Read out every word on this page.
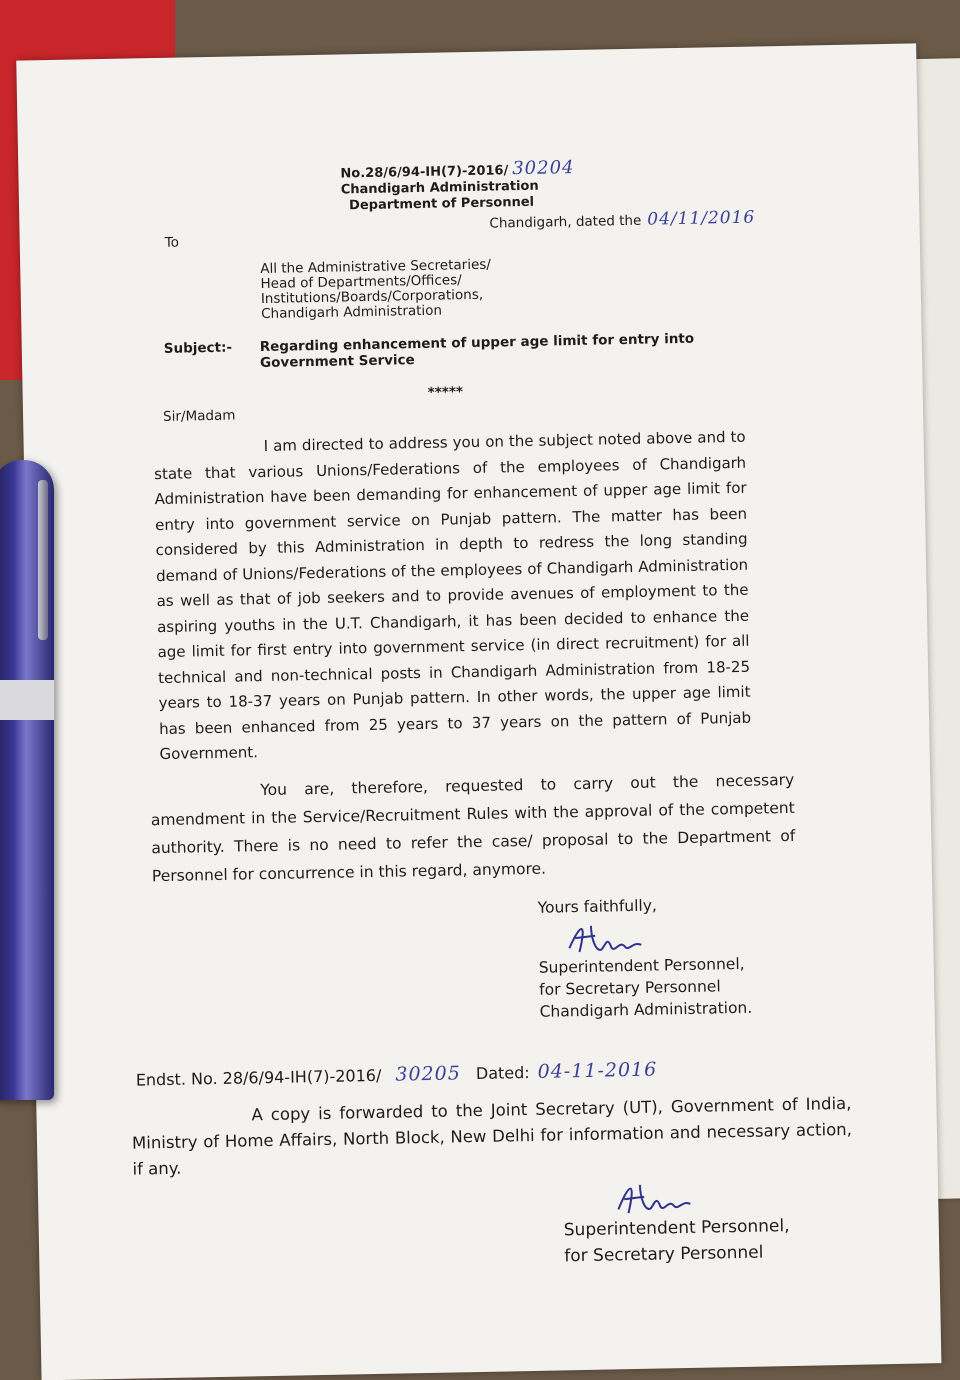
No.28/6/94-IH(7)-2016/ 30204
Chandigarh Administration
Department of Personnel
Chandigarh, dated the 04/11/2016
To
All the Administrative Secretaries/
Head of Departments/Offices/
Institutions/Boards/Corporations,
Chandigarh Administration
Subject:- Regarding enhancement of upper age limit for entry into
Government Service
*****
Sir/Madam
I am directed to address you on the subject noted above and to state that various Unions/Federations of the employees of Chandigarh Administration have been demanding for enhancement of upper age limit for entry into government service on Punjab pattern. The matter has been considered by this Administration in depth to redress the long standing demand of Unions/Federations of the employees of Chandigarh Administration as well as that of job seekers and to provide avenues of employment to the aspiring youths in the U.T. Chandigarh, it has been decided to enhance the age limit for first entry into government service (in direct recruitment) for all technical and non-technical posts in Chandigarh Administration from 18-25 years to 18-37 years on Punjab pattern. In other words, the upper age limit has been enhanced from 25 years to 37 years on the pattern of Punjab Government.
You are, therefore, requested to carry out the necessary amendment in the Service/Recruitment Rules with the approval of the competent authority. There is no need to refer the case/ proposal to the Department of Personnel for concurrence in this regard, anymore.
Yours faithfully,
Superintendent Personnel,
for Secretary Personnel
Chandigarh Administration.
Endst. No. 28/6/94-IH(7)-2016/ 30205 Dated: 04-11-2016
A copy is forwarded to the Joint Secretary (UT), Government of India, Ministry of Home Affairs, North Block, New Delhi for information and necessary action, if any.
Superintendent Personnel,
for Secretary Personnel
